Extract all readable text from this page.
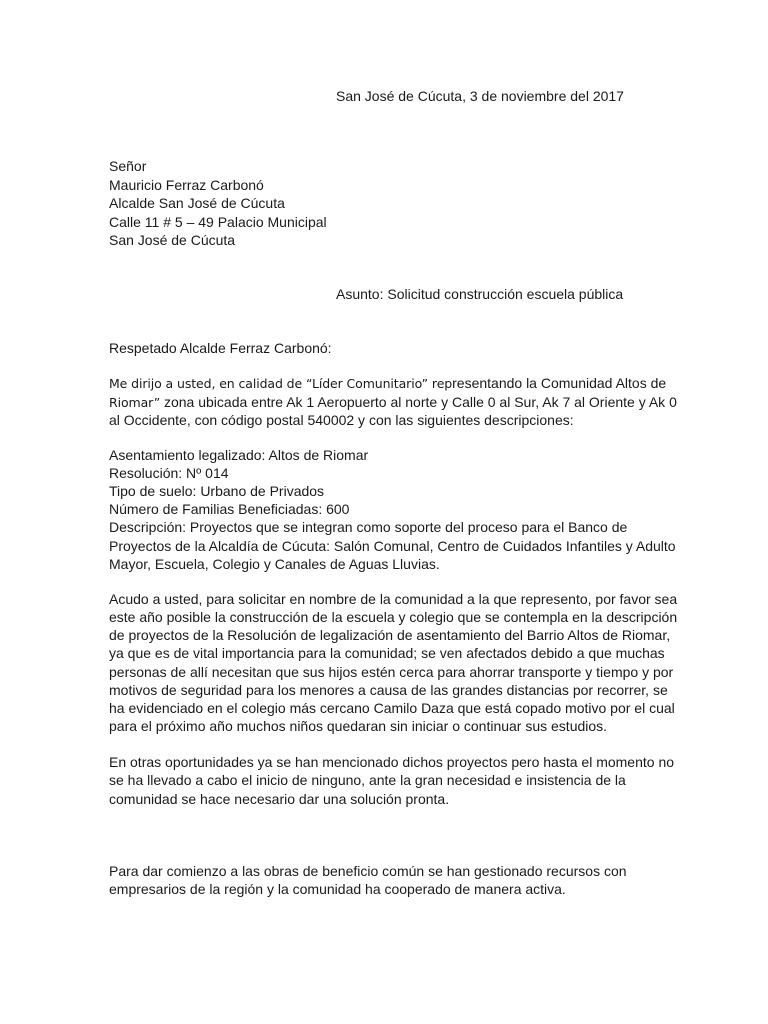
San José de Cúcuta, 3 de noviembre del 2017
Señor
Mauricio Ferraz Carbonó
Alcalde San José de Cúcuta
Calle 11 # 5 – 49 Palacio Municipal
San José de Cúcuta
Asunto: Solicitud construcción escuela pública
Respetado Alcalde Ferraz Carbonó:
Me dirijo a usted, en calidad de “Líder Comunitario” representando la Comunidad Altos de
Riomar” zona ubicada entre Ak 1 Aeropuerto al norte y Calle 0 al Sur, Ak 7 al Oriente y Ak 0
al Occidente, con código postal 540002 y con las siguientes descripciones:
Asentamiento legalizado: Altos de Riomar
Resolución: Nº 014
Tipo de suelo: Urbano de Privados
Número de Familias Beneficiadas: 600
Descripción: Proyectos que se integran como soporte del proceso para el Banco de
Proyectos de la Alcaldía de Cúcuta: Salón Comunal, Centro de Cuidados Infantiles y Adulto
Mayor, Escuela, Colegio y Canales de Aguas Lluvias.
Acudo a usted, para solicitar en nombre de la comunidad a la que represento, por favor sea
este año posible la construcción de la escuela y colegio que se contempla en la descripción
de proyectos de la Resolución de legalización de asentamiento del Barrio Altos de Riomar,
ya que es de vital importancia para la comunidad; se ven afectados debido a que muchas
personas de allí necesitan que sus hijos estén cerca para ahorrar transporte y tiempo y por
motivos de seguridad para los menores a causa de las grandes distancias por recorrer, se
ha evidenciado en el colegio más cercano Camilo Daza que está copado motivo por el cual
para el próximo año muchos niños quedaran sin iniciar o continuar sus estudios.
En otras oportunidades ya se han mencionado dichos proyectos pero hasta el momento no
se ha llevado a cabo el inicio de ninguno, ante la gran necesidad e insistencia de la
comunidad se hace necesario dar una solución pronta.
Para dar comienzo a las obras de beneficio común se han gestionado recursos con
empresarios de la región y la comunidad ha cooperado de manera activa.
